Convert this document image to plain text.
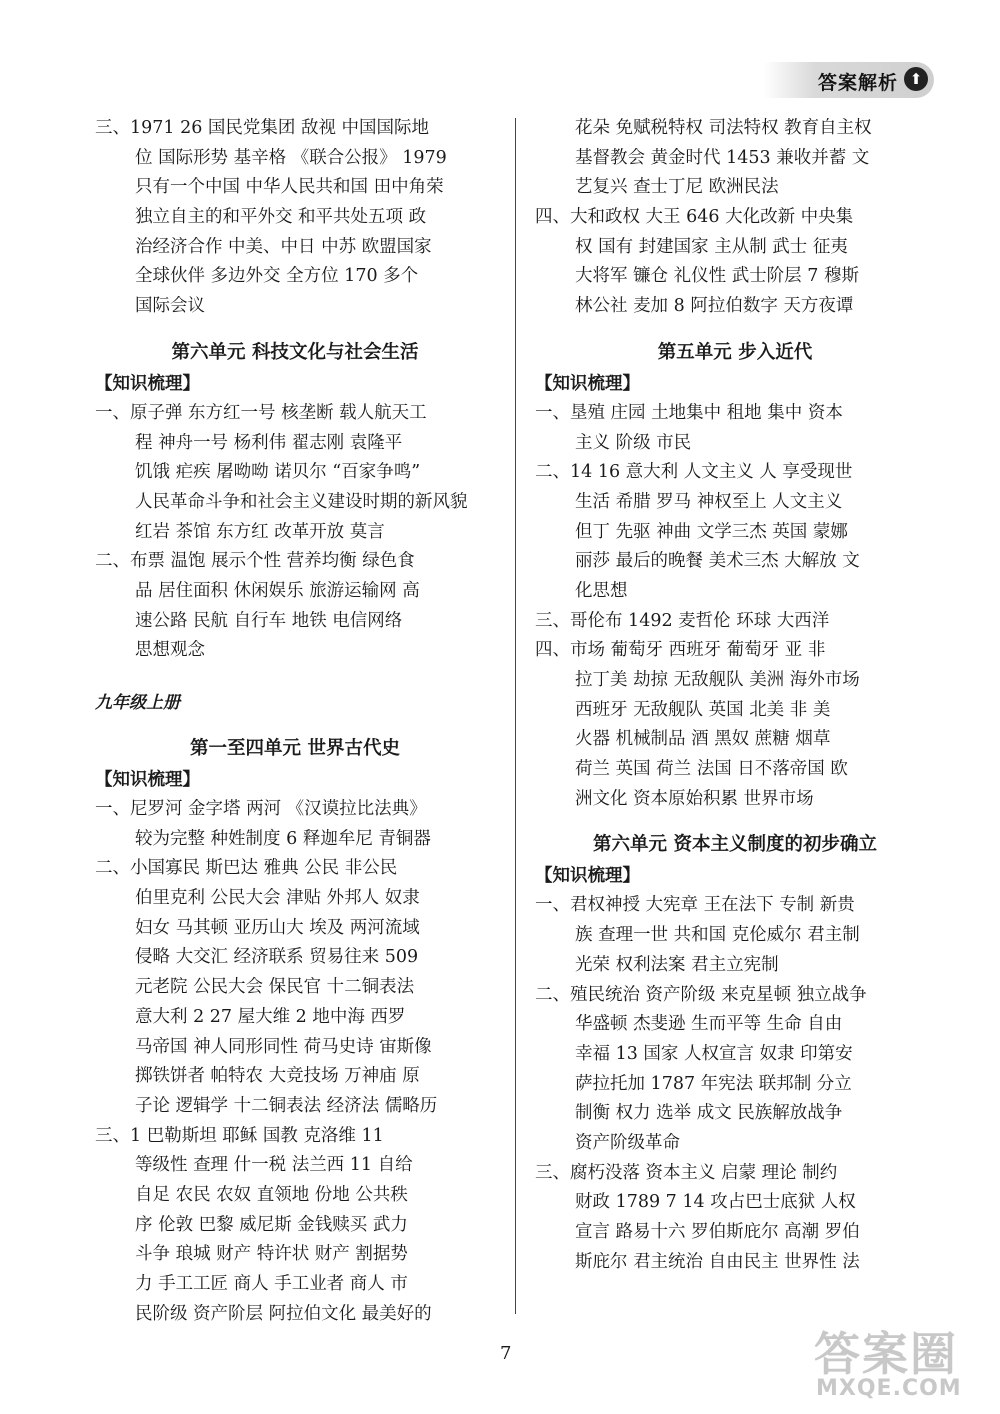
答案解析 ⬆
三、1971 26 国民党集团 敌视 中国国际地
位 国际形势 基辛格 《联合公报》 1979
只有一个中国 中华人民共和国 田中角荣
独立自主的和平外交 和平共处五项 政
治经济合作 中美、中日 中苏 欧盟国家
全球伙伴 多边外交 全方位 170 多个
国际会议
第六单元 科技文化与社会生活
【知识梳理】
一、原子弹 东方红一号 核垄断 载人航天工
程 神舟一号 杨利伟 翟志刚 袁隆平
饥饿 疟疾 屠呦呦 诺贝尔 “百家争鸣”
人民革命斗争和社会主义建设时期的新风貌
红岩 茶馆 东方红 改革开放 莫言
二、布票 温饱 展示个性 营养均衡 绿色食
品 居住面积 休闲娱乐 旅游运输网 高
速公路 民航 自行车 地铁 电信网络
思想观念
九年级上册
第一至四单元 世界古代史
【知识梳理】
一、尼罗河 金字塔 两河 《汉谟拉比法典》
较为完整 种姓制度 6 释迦牟尼 青铜器
二、小国寡民 斯巴达 雅典 公民 非公民
伯里克利 公民大会 津贴 外邦人 奴隶
妇女 马其顿 亚历山大 埃及 两河流域
侵略 大交汇 经济联系 贸易往来 509
元老院 公民大会 保民官 十二铜表法
意大利 2 27 屋大维 2 地中海 西罗
马帝国 神人同形同性 荷马史诗 宙斯像
掷铁饼者 帕特农 大竞技场 万神庙 原
子论 逻辑学 十二铜表法 经济法 儒略历
三、1 巴勒斯坦 耶稣 国教 克洛维 11
等级性 查理 什一税 法兰西 11 自给
自足 农民 农奴 直领地 份地 公共秩
序 伦敦 巴黎 威尼斯 金钱赎买 武力
斗争 琅城 财产 特许状 财产 割据势
力 手工工匠 商人 手工业者 商人 市
民阶级 资产阶层 阿拉伯文化 最美好的
花朵 免赋税特权 司法特权 教育自主权
基督教会 黄金时代 1453 兼收并蓄 文
艺复兴 查士丁尼 欧洲民法
四、大和政权 大王 646 大化改新 中央集
权 国有 封建国家 主从制 武士 征夷
大将军 镰仓 礼仪性 武士阶层 7 穆斯
林公社 麦加 8 阿拉伯数字 天方夜谭
第五单元 步入近代
【知识梳理】
一、垦殖 庄园 土地集中 租地 集中 资本
主义 阶级 市民
二、14 16 意大利 人文主义 人 享受现世
生活 希腊 罗马 神权至上 人文主义
但丁 先驱 神曲 文学三杰 英国 蒙娜
丽莎 最后的晚餐 美术三杰 大解放 文
化思想
三、哥伦布 1492 麦哲伦 环球 大西洋
四、市场 葡萄牙 西班牙 葡萄牙 亚 非
拉丁美 劫掠 无敌舰队 美洲 海外市场
西班牙 无敌舰队 英国 北美 非 美
火器 机械制品 酒 黑奴 蔗糖 烟草
荷兰 英国 荷兰 法国 日不落帝国 欧
洲文化 资本原始积累 世界市场
第六单元 资本主义制度的初步确立
【知识梳理】
一、君权神授 大宪章 王在法下 专制 新贵
族 查理一世 共和国 克伦威尔 君主制
光荣 权利法案 君主立宪制
二、殖民统治 资产阶级 来克星顿 独立战争
华盛顿 杰斐逊 生而平等 生命 自由
幸福 13 国家 人权宣言 奴隶 印第安
萨拉托加 1787 年宪法 联邦制 分立
制衡 权力 选举 成文 民族解放战争
资产阶级革命
三、腐朽没落 资本主义 启蒙 理论 制约
财政 1789 7 14 攻占巴士底狱 人权
宣言 路易十六 罗伯斯庇尔 高潮 罗伯
斯庇尔 君主统治 自由民主 世界性 法
7	答案圈
MXQE.COM
